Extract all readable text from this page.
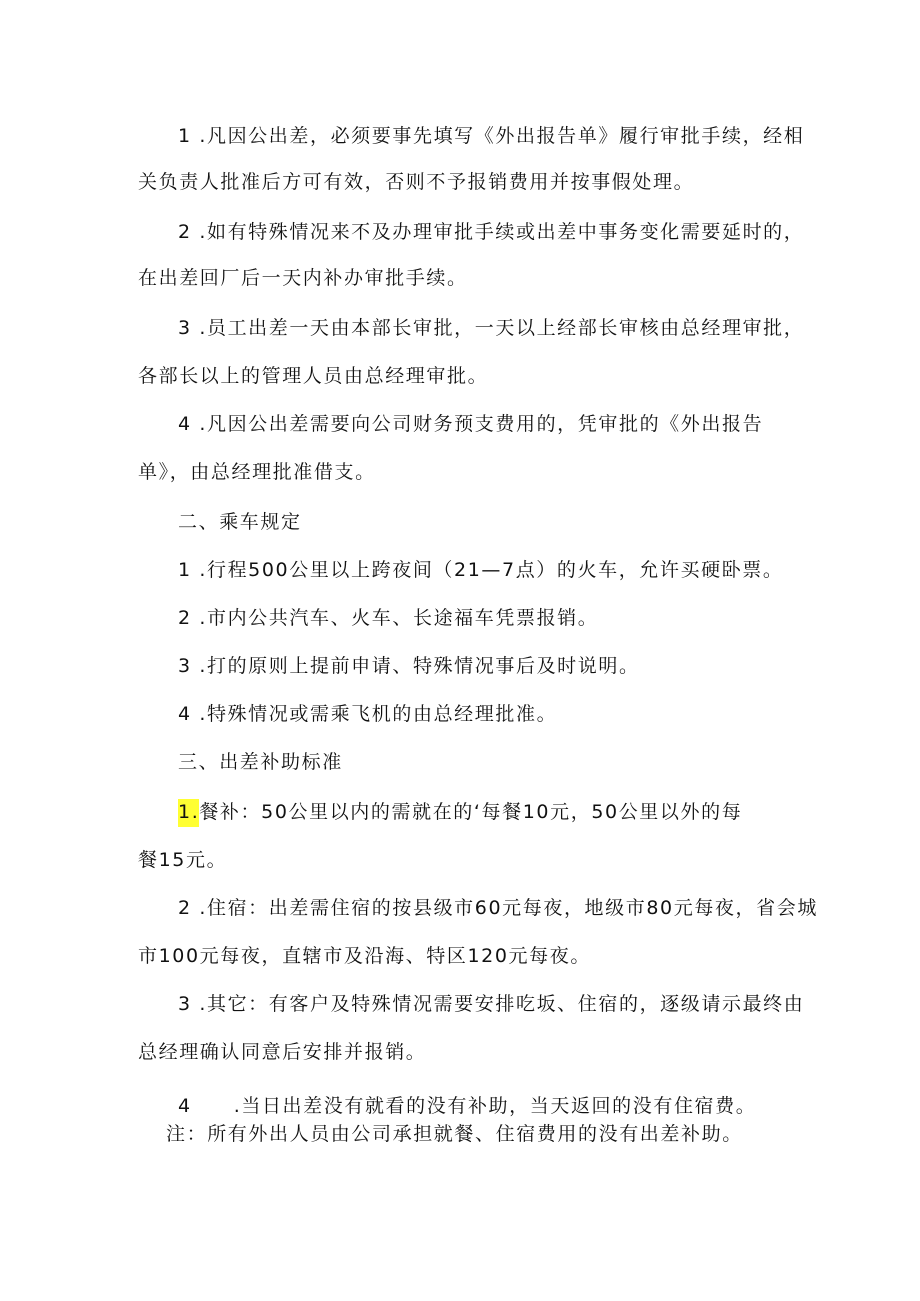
1 .凡因公出差，必须要事先填写《外出报告单》履行审批手续，经相
关负责人批准后方可有效，否则不予报销费用并按事假处理。
2 .如有特殊情况来不及办理审批手续或出差中事务变化需要延时的，
在出差回厂后一天内补办审批手续。
3 .员工出差一天由本部长审批，一天以上经部长审核由总经理审批，
各部长以上的管理人员由总经理审批。
4 .凡因公出差需要向公司财务预支费用的，凭审批的《外出报告
单》，由总经理批准借支。
二、乘车规定
1 .行程500公里以上跨夜间（21—7点）的火车，允许买硬卧票。
2 .市内公共汽车、火车、长途福车凭票报销。
3 .打的原则上提前申请、特殊情况事后及时说明。
4 .特殊情况或需乘飞机的由总经理批准。
三、出差补助标准
1.餐补：50公里以内的需就在的‘每餐10元，50公里以外的每
餐15元。
2 .住宿：出差需住宿的按县级市60元每夜，地级市80元每夜，省会城
市100元每夜，直辖市及沿海、特区120元每夜。
3 .其它：有客户及特殊情况需要安排吃坂、住宿的，逐级请示最终由
总经理确认同意后安排并报销。
4 .当日出差没有就看的没有补助，当天返回的没有住宿费。
注：所有外出人员由公司承担就餐、住宿费用的没有出差补助。
